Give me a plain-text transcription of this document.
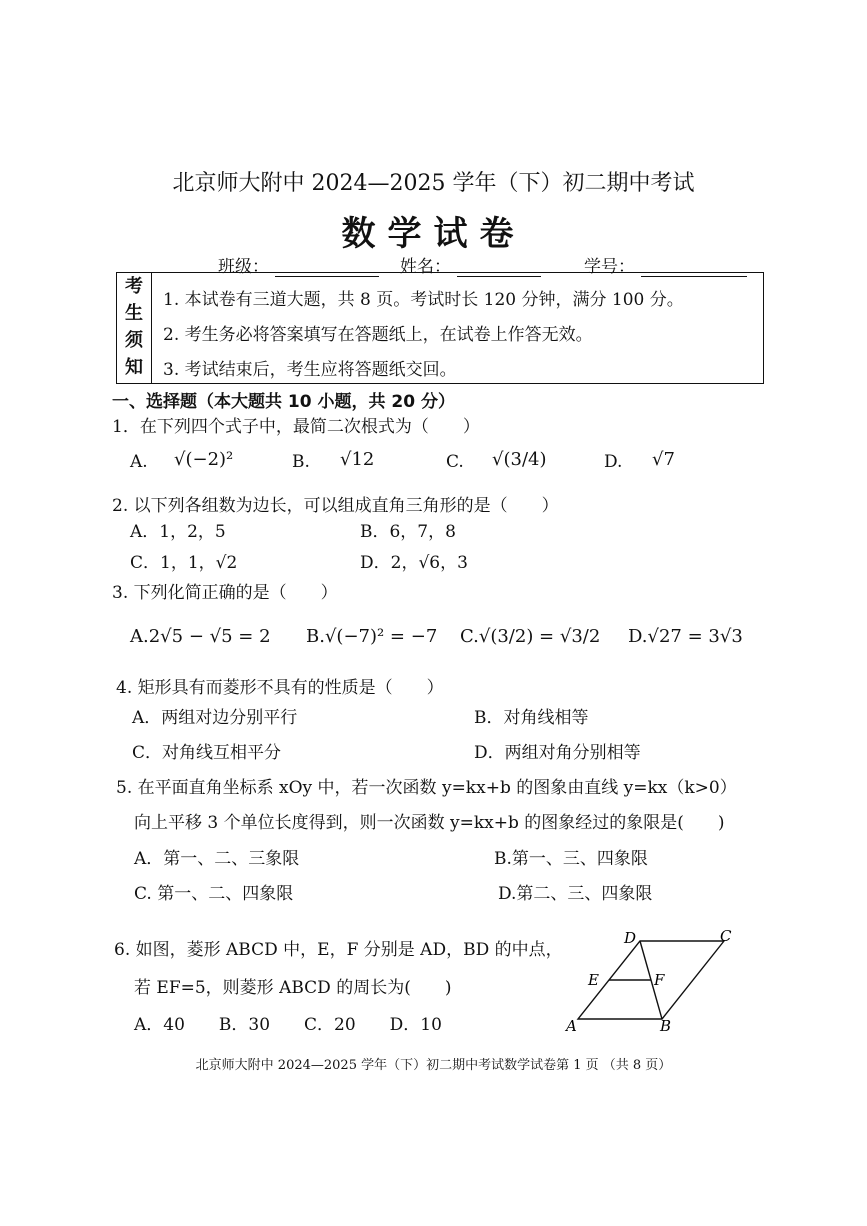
北京师大附中 2024—2025 学年（下）初二期中考试
数学试卷
班级：	姓名：	学号：
考
生
须
知
1. 本试卷有三道大题，共 8 页。考试时长 120 分钟，满分 100 分。
2. 考生务必将答案填写在答题纸上，在试卷上作答无效。
3. 考试结束后，考生应将答题纸交回。
一、选择题（本大题共 10 小题，共 20 分）
1．在下列四个式子中，最简二次根式为（　　）
A. √(−2)²	B. √12	C. √(3/4)	D. √7
2. 以下列各组数为边长，可以组成直角三角形的是（　　）
A．1，2，5	B．6，7，8
C．1，1，√2	D．2，√6，3
3. 下列化简正确的是（　　）
A.2√5 − √5 = 2 B.√(−7)² = −7 C.√(3/2) = √3/2 D.√27 = 3√3
4. 矩形具有而菱形不具有的性质是（　　）
A．两组对边分别平行	B．对角线相等
C．对角线互相平分	D．两组对角分别相等
5. 在平面直角坐标系 xOy 中，若一次函数 y=kx+b 的图象由直线 y=kx（k>0）
向上平移 3 个单位长度得到，则一次函数 y=kx+b 的图象经过的象限是(　　)
A．第一、二、三象限	B.第一、三、四象限
C. 第一、二、四象限	D.第二、三、四象限
6. 如图，菱形 ABCD 中，E，F 分别是 AD，BD 的中点，
若 EF=5，则菱形 ABCD 的周长为(　　)
A．40　　B．30　　C．20　　D．10	A	B
C
D
E	F
北京师大附中 2024—2025 学年（下）初二期中考试数学试卷第 1 页 （共 8 页）
